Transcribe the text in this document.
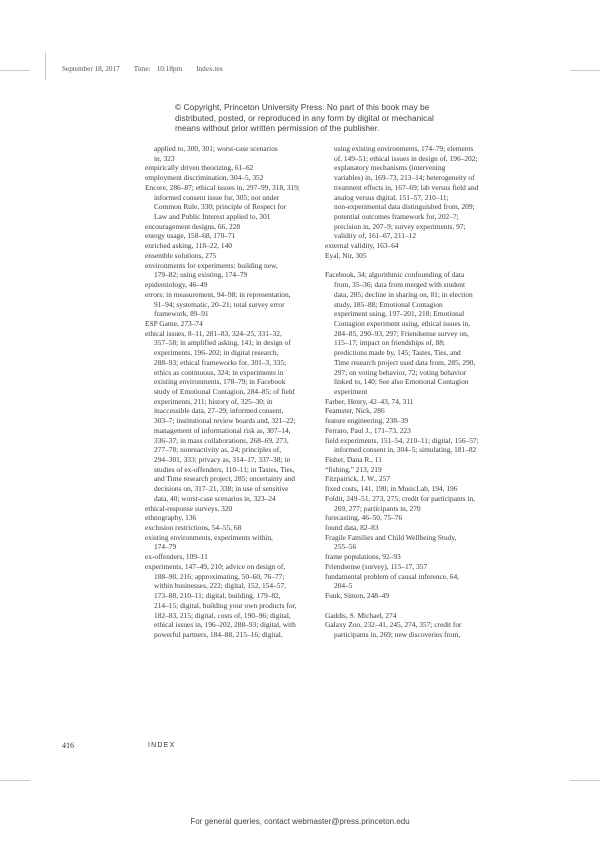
September 18, 2017 Time: 10:18pm Index.tex
© Copyright, Princeton University Press. No part of this book may be
distributed, posted, or reproduced in any form by digital or mechanical
means without prior written permission of the publisher.
applied to, 300, 301; worst-case scenarios
in, 323
empirically driven theorizing, 61–62
employment discrimination, 304–5, 352
Encore, 286–87; ethical issues in, 297–99, 318, 319;
informed consent issue for, 305; not under
Common Rule, 330; principle of Respect for
Law and Public Interest applied to, 301
encouragement designs, 66, 228
energy usage, 158–68, 170–71
enriched asking, 118–22, 140
ensemble solutions, 275
environments for experiments: building new,
179–82; using existing, 174–79
epidemiology, 46–49
errors: in measurement, 94–98; in representation,
91–94; systematic, 20–21; total survey error
framework, 89–91
ESP Game, 273–74
ethical issues, 8–11, 281–83, 324–25, 331–32,
357–58; in amplified asking, 141; in design of
experiments, 196–202; in digital research,
288–93; ethical frameworks for, 301–3, 335;
ethics as continuous, 324; in experiments in
existing environments, 178–79; in Facebook
study of Emotional Contagion, 284–85; of field
experiments, 211; history of, 325–30; in
inaccessible data, 27–29; informed consent,
303–7; institutional review boards and, 321–22;
management of informational risk as, 307–14,
336–37; in mass collaborations, 268–69, 273,
277–78; nonreactivity as, 24; principles of,
294–301, 333; privacy as, 314–17, 337–38; in
studies of ex-offenders, 110–11; in Tastes, Ties,
and Time research project, 285; uncertainty and
decisions on, 317–21, 338; in use of sensitive
data, 40; worst-case scenarios in, 323–24
ethical-response surveys, 320
ethnography, 136
exclusion restrictions, 54–55, 68
existing environments, experiments within,
174–79
ex-offenders, 109–11
experiments, 147–49, 210; advice on design of,
188–90, 216; approximating, 50–60, 76–77;
within businesses, 222; digital, 152, 154–57,
173–88, 210–11; digital, building, 179–82,
214–15; digital, building your own products for,
182–83, 215; digital, costs of, 190–96; digital,
ethical issues in, 196–202, 288–93; digital, with
powerful partners, 184–88, 215–16; digital,
using existing environments, 174–79; elements
of, 149–51; ethical issues in design of, 196–202;
explanatory mechanisms (intervening
variables) in, 169–73, 213–14; heterogeneity of
treatment effects in, 167–69; lab versus field and
analog versus digital, 151–57, 210–11;
non-experimental data distinguished from, 209;
potential outcomes framework for, 202–7;
precision in, 207–9; survey experiments, 97;
validity of, 161–67, 211–12
external validity, 163–64
Eyal, Nir, 305
Facebook, 34; algorithmic confounding of data
from, 35–36; data from merged with student
data, 285; decline in sharing on, 81; in election
study, 185–88; Emotional Contagion
experiment using, 197–201, 218; Emotional
Contagion experiment using, ethical issues in,
284–85, 290–93, 297; Friendsense survey on,
115–17; impact on friendships of, 88;
predictions made by, 145; Tastes, Ties, and
Time research project used data from, 285, 290,
297; on voting behavior, 72; voting behavior
linked to, 140; See also Emotional Contagion
experiment
Farber, Henry, 42–43, 74, 311
Feamster, Nick, 286
feature engineering, 238–39
Ferraro, Paul J., 171–73, 223
field experiments, 151–54, 210–11; digital, 156–57;
informed consent in, 304–5; simulating, 181–82
Fisher, Dana R., 11
“fishing,” 213, 219
Fitzpatrick, J. W., 257
fixed costs, 141, 190; in MusicLab, 194, 196
Foldit, 249–51, 273, 275; credit for participants in,
269, 277; participants in, 270
forecasting, 46–50, 75–76
found data, 82–83
Fragile Families and Child Wellbeing Study,
255–56
frame populations, 92–93
Friendsense (survey), 115–17, 357
fundamental problem of causal inference, 64,
204–5
Funk, Simon, 248–49
Gaddis, S. Michael, 274
Galaxy Zoo, 232–41, 245, 274, 357; credit for
participants in, 269; new discoveries from,
416	INDEX
For general queries, contact webmaster@press.princeton.edu
